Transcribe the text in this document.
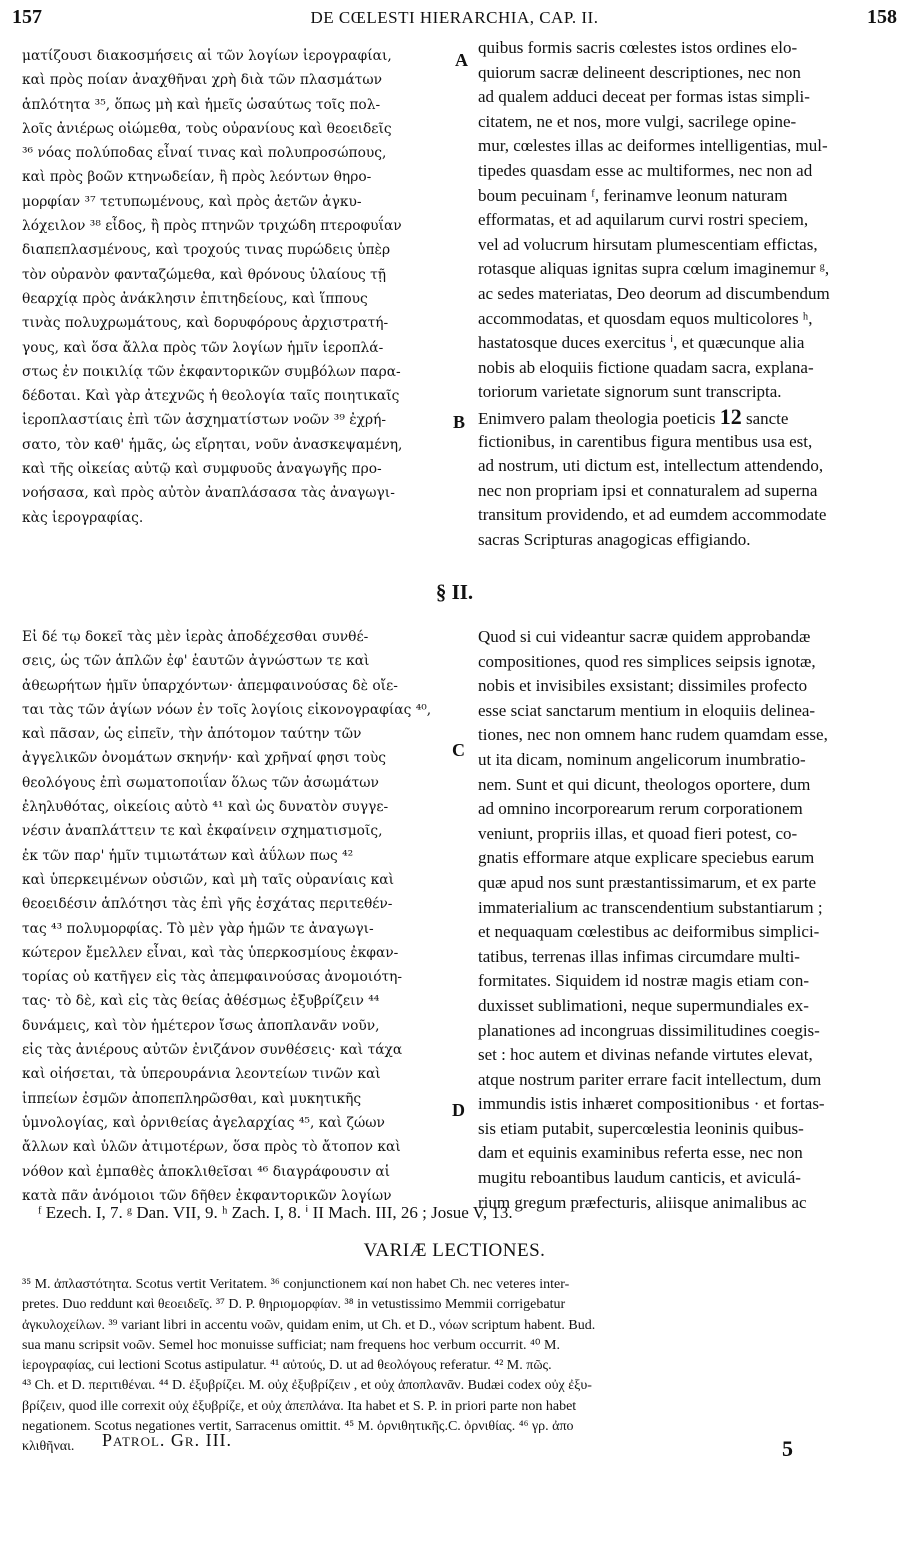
157	DE CŒLESTI HIERARCHIA, CAP. II.	158
ματίζουσι διακοσμήσεις αἱ τῶν λογίων ἱερογραφίαι,
καὶ πρὸς ποίαν ἀναχθῆναι χρὴ διὰ τῶν πλασμάτων
ἁπλότητα ³⁵, ὅπως μὴ καὶ ἡμεῖς ὡσαύτως τοῖς πολ-
λοῖς ἀνιέρως οἰώμεθα, τοὺς οὐρανίους καὶ θεοειδεῖς
³⁶ νόας πολύποδας εἶναί τινας καὶ πολυπροσώπους,
καὶ πρὸς βοῶν κτηνωδείαν, ἢ πρὸς λεόντων θηρο-
μορφίαν ³⁷ τετυπωμένους, καὶ πρὸς ἀετῶν ἀγκυ-
λόχειλον ³⁸ εἶδος, ἢ πρὸς πτηνῶν τριχώδη πτεροφυΐαν
διαπεπλασμένους, καὶ τροχούς τινας πυρώδεις ὑπὲρ
τὸν οὐρανὸν φανταζώμεθα, καὶ θρόνους ὑλαίους τῇ
θεαρχίᾳ πρὸς ἀνάκλησιν ἐπιτηδείους, καὶ ἵππους
τινὰς πολυχρωμάτους, καὶ δορυφόρους ἀρχιστρατή-
γους, καὶ ὅσα ἄλλα πρὸς τῶν λογίων ἡμῖν ἱεροπλά-
στως ἐν ποικιλίᾳ τῶν ἐκφαντορικῶν συμβόλων παρα-
δέδοται. Καὶ γὰρ ἀτεχνῶς ἡ θεολογία ταῖς ποιητικαῖς
ἱεροπλαστίαις ἐπὶ τῶν ἀσχηματίστων νοῶν ³⁹ ἐχρή-
σατο, τὸν καθ' ἡμᾶς, ὡς εἴρηται, νοῦν ἀνασκεψαμένη,
καὶ τῆς οἰκείας αὐτῷ καὶ συμφυοῦς ἀναγωγῆς προ-
νοήσασα, καὶ πρὸς αὐτὸν ἀναπλάσασα τὰς ἀναγωγι-
κὰς ἱερογραφίας.
quibus formis sacris cœlestes istos ordines elo-
quiorum sacræ delineent descriptiones, nec non
ad qualem adduci deceat per formas istas simpli-
citatem, ne et nos, more vulgi, sacrilege opine-
mur, cœlestes illas ac deiformes intelligentias, mul-
tipedes quasdam esse ac multiformes, nec non ad
boum pecuinam ᶠ, ferinamve leonum naturam
efformatas, et ad aquilarum curvi rostri speciem,
vel ad volucrum hirsutam plumescentiam effictas,
rotasque aliquas ignitas supra cœlum imaginemur ᵍ,
ac sedes materiatas, Deo deorum ad discumbendum
accommodatas, et quosdam equos multicolores ʰ,
hastatosque duces exercitus ⁱ, et quæcunque alia
nobis ab eloquiis fictione quadam sacra, explana-
toriorum varietate signorum sunt transcripta.
Enimvero palam theologia poeticis 12 sancte
fictionibus, in carentibus figura mentibus usa est,
ad nostrum, uti dictum est, intellectum attendendo,
nec non propriam ipsi et connaturalem ad superna
transitum providendo, et ad eumdem accommodate
sacras Scripturas anagogicas effigiando.
A
B
§ II.
Εἰ δέ τῳ δοκεῖ τὰς μὲν ἱερὰς ἀποδέχεσθαι συνθέ-
σεις, ὡς τῶν ἁπλῶν ἐφ' ἑαυτῶν ἀγνώστων τε καὶ
ἀθεωρήτων ἡμῖν ὑπαρχόντων· ἀπεμφαινούσας δὲ οἴε-
ται τὰς τῶν ἁγίων νόων ἐν τοῖς λογίοις εἰκονογραφίας ⁴⁰,
καὶ πᾶσαν, ὡς εἰπεῖν, τὴν ἀπότομον ταύτην τῶν
ἀγγελικῶν ὀνομάτων σκηνήν· καὶ χρῆναί φησι τοὺς
θεολόγους ἐπὶ σωματοποιΐαν ὅλως τῶν ἀσωμάτων
ἐληλυθότας, οἰκείοις αὐτὸ ⁴¹ καὶ ὡς δυνατὸν συγγε-
νέσιν ἀναπλάττειν τε καὶ ἐκφαίνειν σχηματισμοῖς,
ἐκ τῶν παρ' ἡμῖν τιμιωτάτων καὶ ἀΰλων πως ⁴²
καὶ ὑπερκειμένων οὐσιῶν, καὶ μὴ ταῖς οὐρανίαις καὶ
θεοειδέσιν ἁπλότησι τὰς ἐπὶ γῆς ἐσχάτας περιτεθέν-
τας ⁴³ πολυμορφίας. Τὸ μὲν γὰρ ἡμῶν τε ἀναγωγι-
κώτερον ἔμελλεν εἶναι, καὶ τὰς ὑπερκοσμίους ἐκφαν-
τορίας οὐ κατῆγεν εἰς τὰς ἀπεμφαινούσας ἀνομοιότη-
τας· τὸ δὲ, καὶ εἰς τὰς θείας ἀθέσμως ἐξυβρίζειν ⁴⁴
δυνάμεις, καὶ τὸν ἡμέτερον ἴσως ἀποπλανᾶν νοῦν,
εἰς τὰς ἀνιέρους αὐτῶν ἐνιζάνον συνθέσεις· καὶ τάχα
καὶ οἰήσεται, τὰ ὑπερουράνια λεοντείων τινῶν καὶ
ἱππείων ἐσμῶν ἀποπεπληρῶσθαι, καὶ μυκητικῆς
ὑμνολογίας, καὶ ὀρνιθείας ἀγελαρχίας ⁴⁵, καὶ ζώων
ἄλλων καὶ ὑλῶν ἀτιμοτέρων, ὅσα πρὸς τὸ ἄτοπον καὶ
νόθον καὶ ἐμπαθὲς ἀποκλιθεῖσαι ⁴⁶ διαγράφουσιν αἱ
κατὰ πᾶν ἀνόμοιοι τῶν δῆθεν ἐκφαντορικῶν λογίων
Quod si cui videantur sacræ quidem approbandæ
compositiones, quod res simplices seipsis ignotæ,
nobis et invisibiles exsistant; dissimiles profecto
esse sciat sanctarum mentium in eloquiis delinea-
tiones, nec non omnem hanc rudem quamdam esse,
ut ita dicam, nominum angelicorum inumbratio-
nem. Sunt et qui dicunt, theologos oportere, dum
ad omnino incorporearum rerum corporationem
veniunt, propriis illas, et quoad fieri potest, co-
gnatis efformare atque explicare speciebus earum
quæ apud nos sunt præstantissimarum, et ex parte
immaterialium ac transcendentium substantiarum ;
et nequaquam cœlestibus ac deiformibus simplici-
tatibus, terrenas illas infimas circumdare multi-
formitates. Siquidem id nostræ magis etiam con-
duxisset sublimationi, neque supermundiales ex-
planationes ad incongruas dissimilitudines coegis-
set : hoc autem et divinas nefande virtutes elevat,
atque nostrum pariter errare facit intellectum, dum
immundis istis inhæret compositionibus · et fortas-
sis etiam putabit, supercœlestia leoninis quibus-
dam et equinis examinibus referta esse, nec non
mugitu reboantibus laudum canticis, et aviculá-
rium gregum præfecturis, aliisque animalibus ac
C
D
ᶠ Ezech. I, 7. ᵍ Dan. VII, 9. ʰ Zach. I, 8. ⁱ II Mach. III, 26 ; Josue V, 13.
VARIÆ LECTIONES.
³⁵ M. ἀπλαστότητα. Scotus vertit Veritatem. ³⁶ conjunctionem καί non habet Ch. nec veteres inter-
pretes. Duo reddunt καὶ θεοειδεῖς. ³⁷ D. P. θηριομορφίαν. ³⁸ in vetustissimo Memmii corrigebatur
ἀγκυλοχείλων. ³⁹ variant libri in accentu νοῶν, quidam enim, ut Ch. et D., νόων scriptum habent. Bud.
sua manu scripsit νοῶν. Semel hoc monuisse sufficiat; nam frequens hoc verbum occurrit. ⁴⁰ M.
ἱερογραφίας, cui lectioni Scotus astipulatur. ⁴¹ αὐτούς, D. ut ad θεολόγους referatur. ⁴² M. πῶς.
⁴³ Ch. et D. περιτιθέναι. ⁴⁴ D. ἐξυβρίζει. M. οὐχ ἐξυβρίζειν , et οὐχ ἀποπλανᾶν. Budæi codex οὐχ ἐξυ-
βρίζειν, quod ille correxit οὐχ ἐξυβρίζε, et οὐχ ἀπεπλάνα. Ita habet et S. P. in priori parte non habet
negationem. Scotus negationes vertit, Sarracenus omittit. ⁴⁵ M. ὀρνιθητικῆς.C. ὀρνιθίας. ⁴⁶ γρ. ἀπο
κλιθῆναι.	Patrol. Gr. III.	5
